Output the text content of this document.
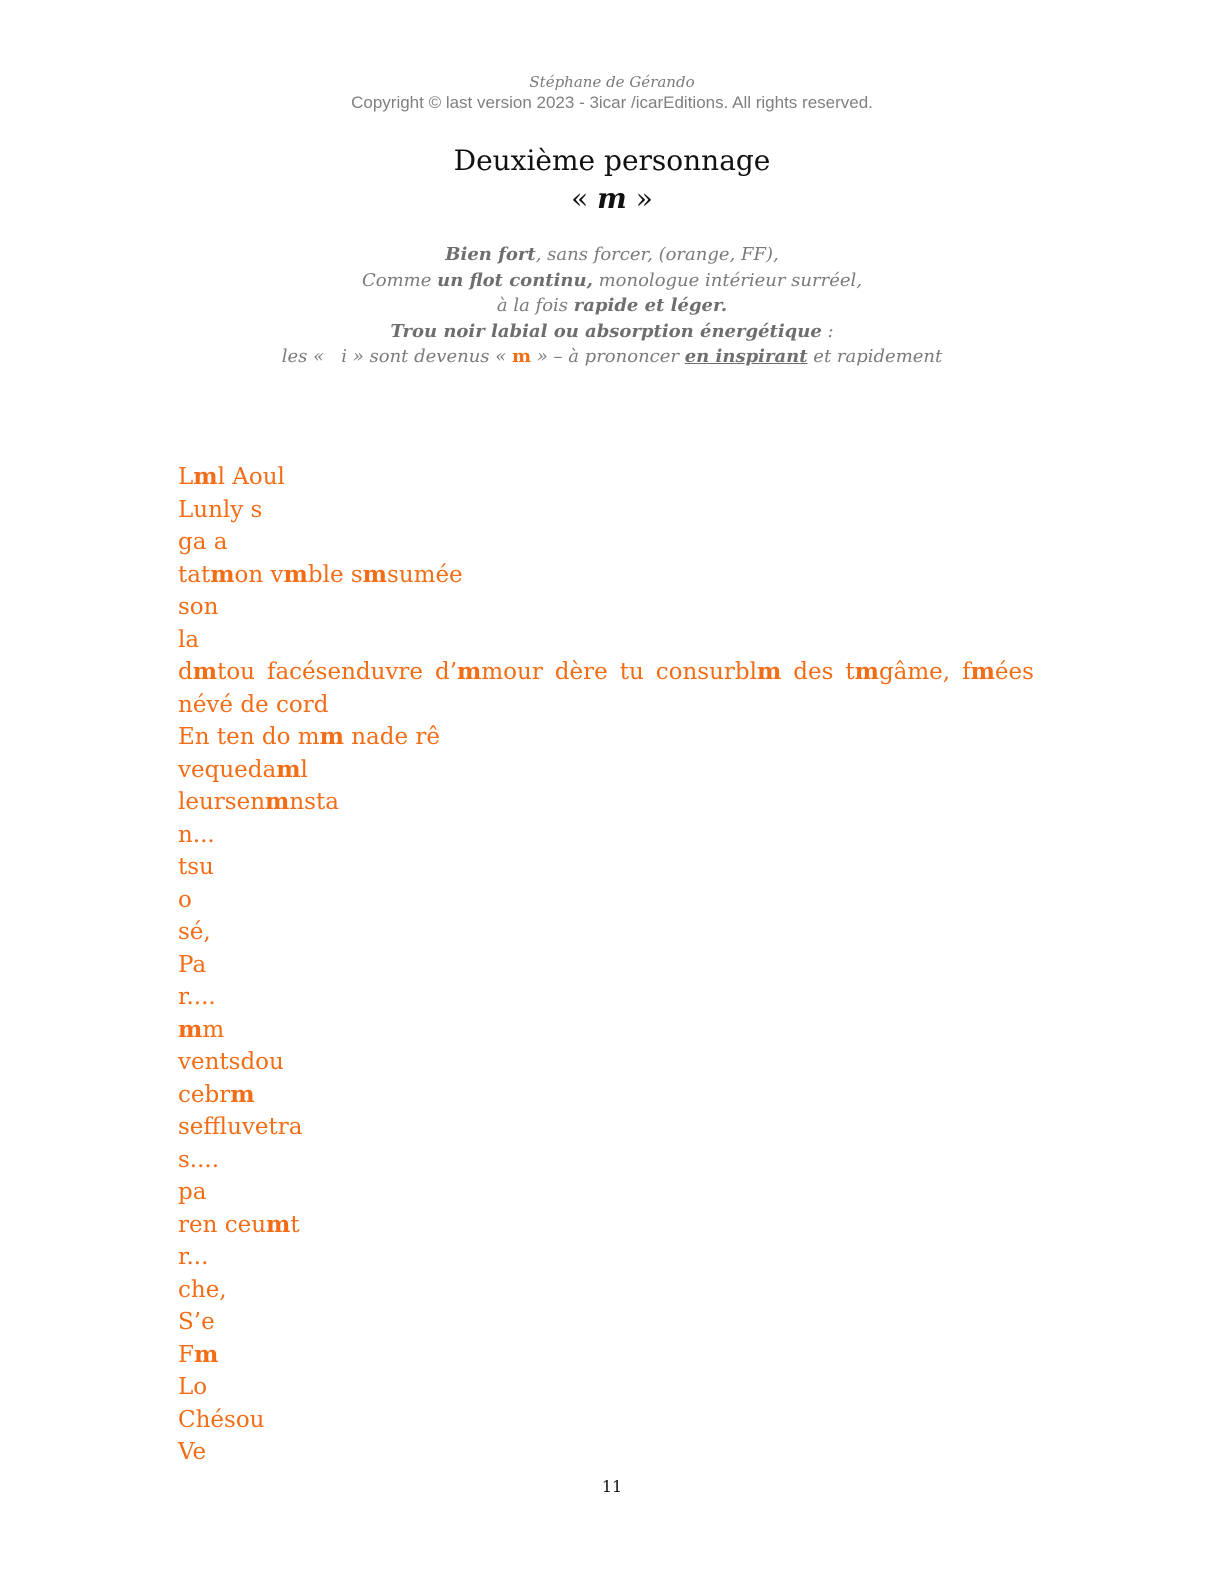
Stéphane de Gérando
Copyright © last version 2023 - 3icar /icarEditions. All rights reserved.
Deuxième personnage
« m »
Bien fort, sans forcer, (orange, FF),
Comme un flot continu, monologue intérieur surréel,
à la fois rapide et léger.
Trou noir labial ou absorption énergétique :
les «   i » sont devenus « m » – à prononcer en inspirant et rapidement
Lml Aoul
Lunly s
ga a
tatmon vmble smsumée
son
la
dmtou facésenduvre d’mmour dère tu consurblm des tmgâme, fmées
névé de cord
En ten do mm nade rê
vequedaml
leursenmnsta
n...
tsu
o
sé,
Pa
r....
mm
ventsdou
cebrm
seffluvetra
s....
pa
ren ceumt
r...
che,
S’e
Fm
Lo
Chésou
Ve
11
